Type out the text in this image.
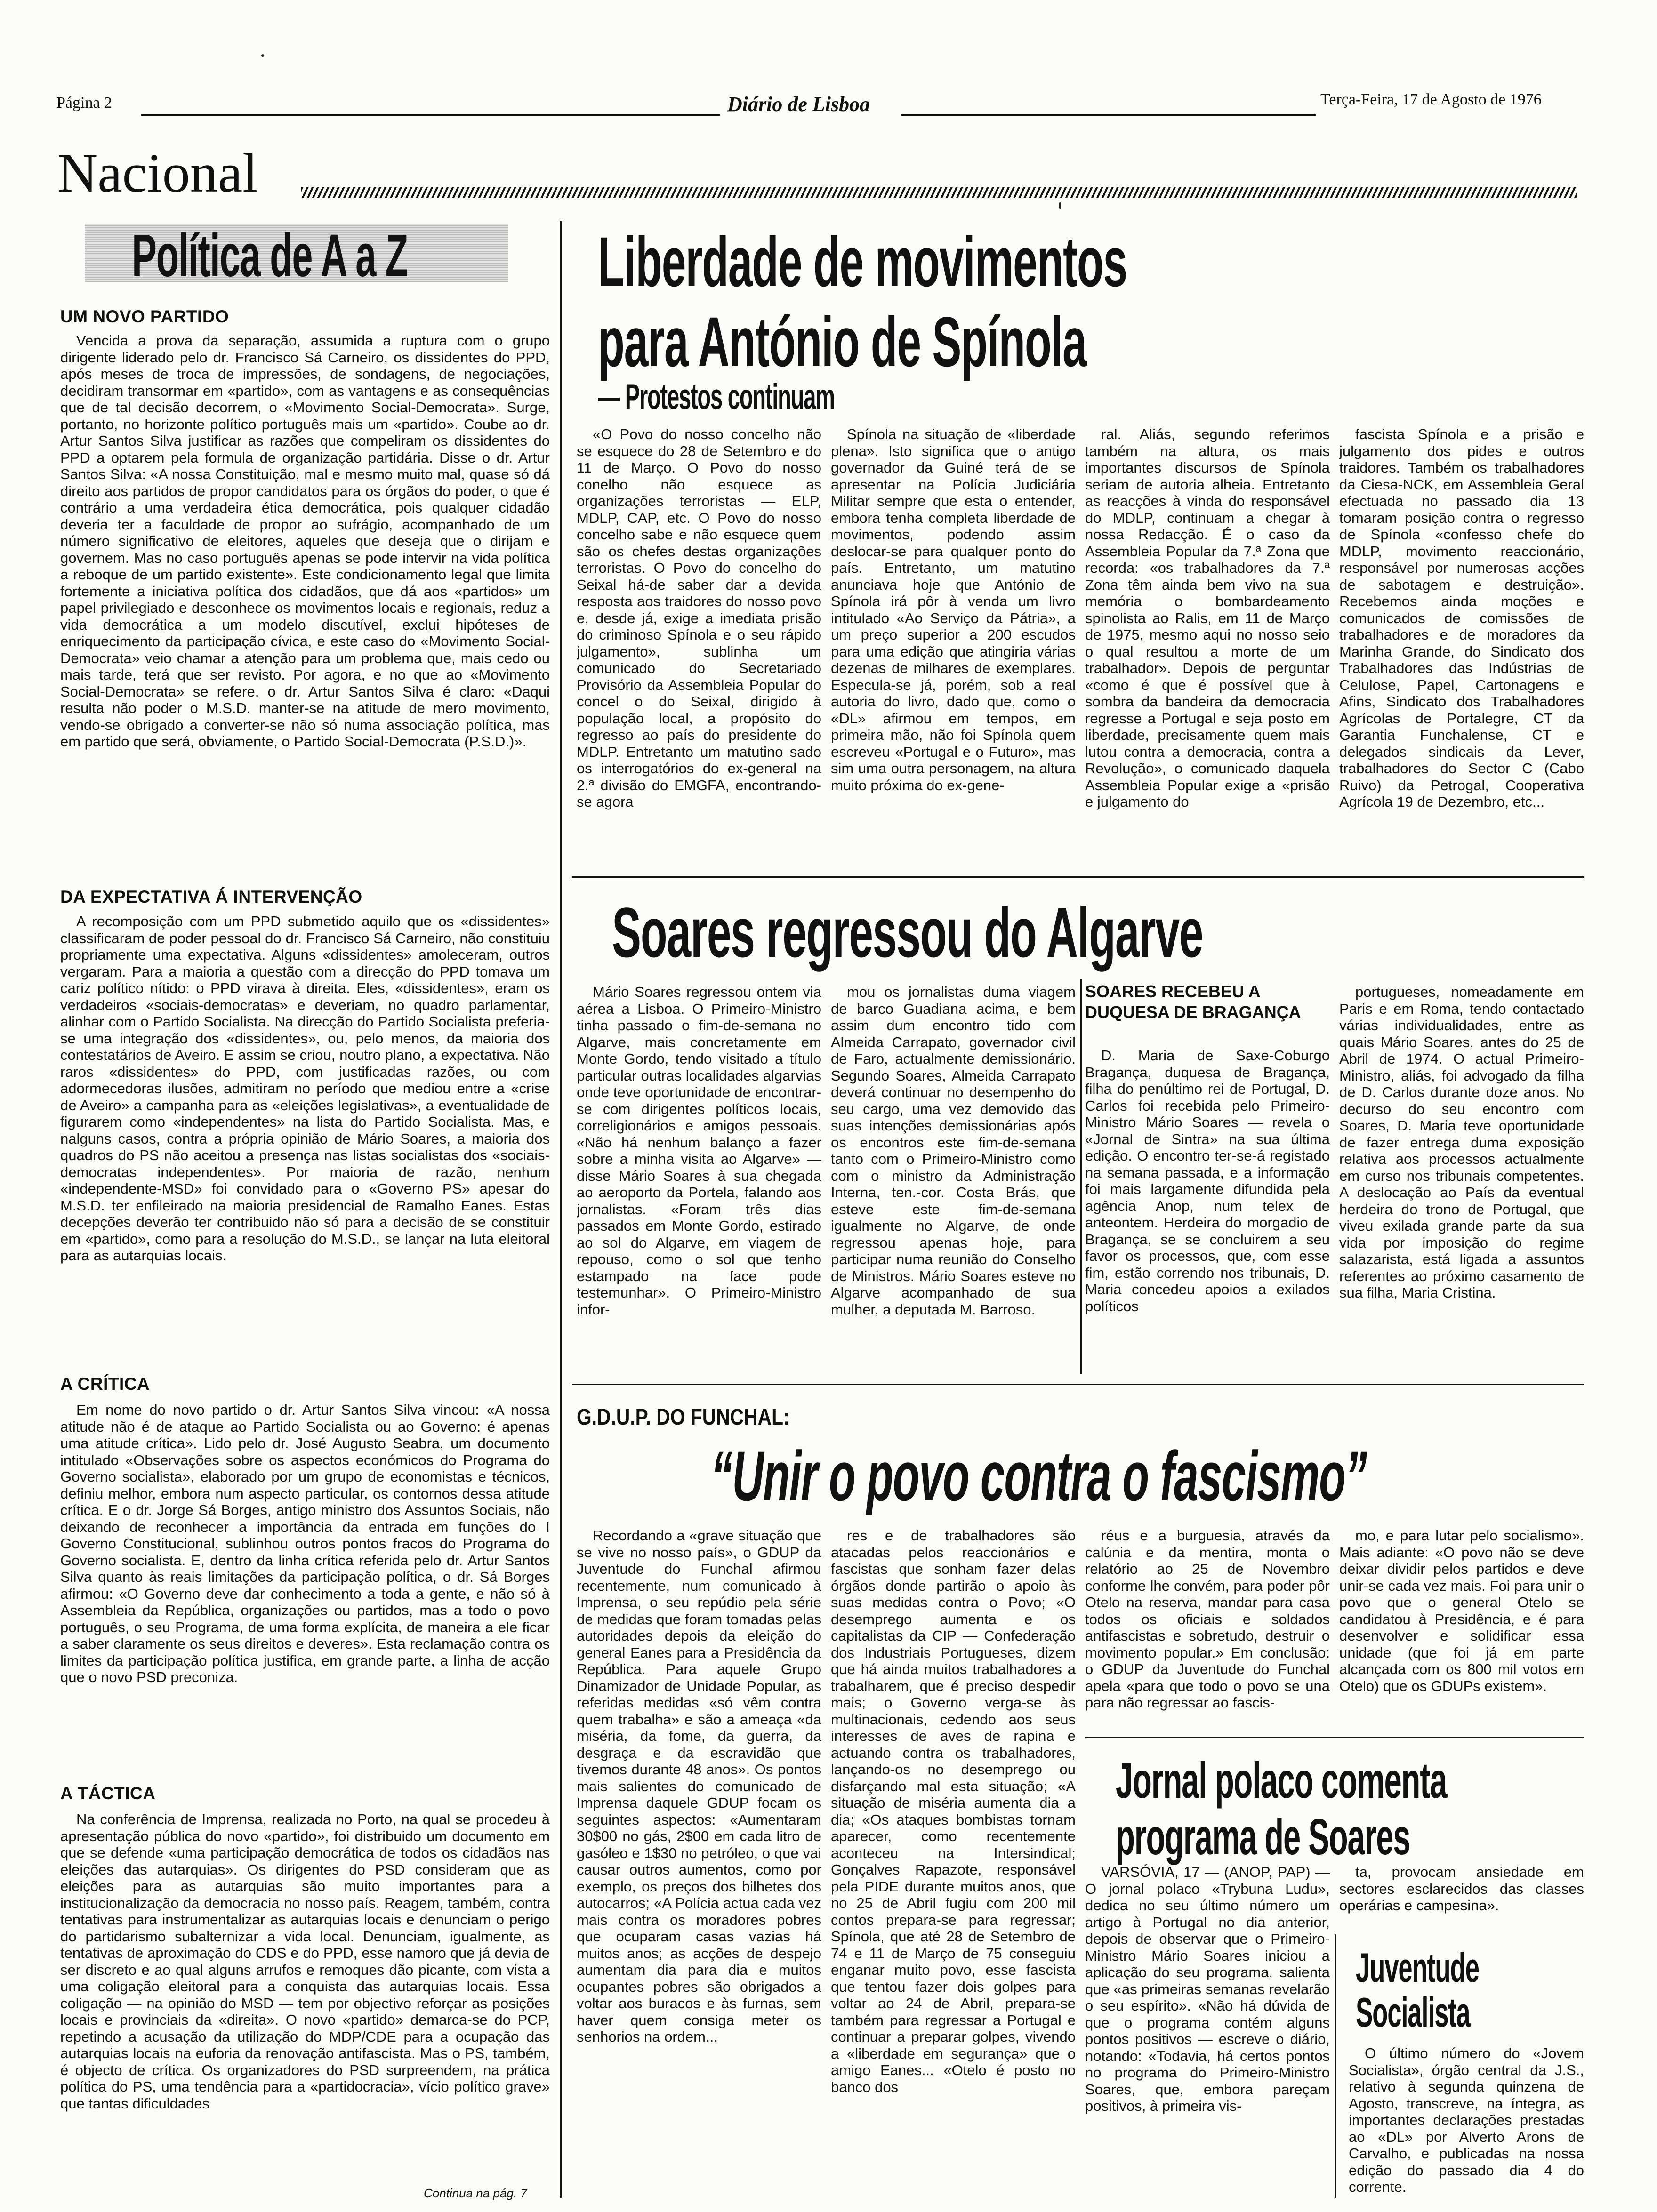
Página 2	Diário de Lisboa	Terça-Feira, 17 de Agosto de 1976
Nacional
Política de A a Z
UM NOVO PARTIDO

Vencida a prova da separação, assumida a ruptura com o grupo dirigente liderado pelo dr. Francisco Sá Carneiro, os dissidentes do PPD, após meses de troca de impressões, de sondagens, de negociações, decidiram transormar em «partido», com as vantagens e as consequências que de tal decisão decorrem, o «Movimento Social-Democrata». Surge, portanto, no horizonte político português mais um «partido». Coube ao dr. Artur Santos Silva justificar as razões que compeliram os dissidentes do PPD a optarem pela formula de organização partidária. Disse o dr. Artur Santos Silva: «A nossa Constituição, mal e mesmo muito mal, quase só dá direito aos partidos de propor candidatos para os órgãos do poder, o que é contrário a uma verdadeira ética democrática, pois qualquer cidadão deveria ter a faculdade de propor ao sufrágio, acompanhado de um número significativo de eleitores, aqueles que deseja que o dirijam e governem. Mas no caso português apenas se pode intervir na vida política a reboque de um partido existente». Este condicionamento legal que limita fortemente a iniciativa política dos cidadãos, que dá aos «partidos» um papel privilegiado e desconhece os movimentos locais e regionais, reduz a vida democrática a um modelo discutível, exclui hipóteses de enriquecimento da participação cívica, e este caso do «Movimento Social-Democrata» veio chamar a atenção para um problema que, mais cedo ou mais tarde, terá que ser revisto. Por agora, e no que ao «Movimento Social-Democrata» se refere, o dr. Artur Santos Silva é claro: «Daqui resulta não poder o M.S.D. manter-se na atitude de mero movimento, vendo-se obrigado a converter-se não só numa associação política, mas em partido que será, obviamente, o Partido Social-Democrata (P.S.D.)».

DA EXPECTATIVA Á INTERVENÇÃO

A recomposição com um PPD submetido aquilo que os «dissidentes» classificaram de poder pessoal do dr. Francisco Sá Carneiro, não constituiu propriamente uma expectativa. Alguns «dissidentes» amoleceram, outros vergaram. Para a maioria a questão com a direcção do PPD tomava um cariz político nítido: o PPD virava à direita. Eles, «dissidentes», eram os verdadeiros «sociais-democratas» e deveriam, no quadro parlamentar, alinhar com o Partido Socialista. Na direcção do Partido Socialista preferia-se uma integração dos «dissidentes», ou, pelo menos, da maioria dos contestatários de Aveiro. E assim se criou, noutro plano, a expectativa. Não raros «dissidentes» do PPD, com justificadas razões, ou com adormecedoras ilusões, admitiram no período que mediou entre a «crise de Aveiro» a campanha para as «eleições legislativas», a eventualidade de figurarem como «independentes» na lista do Partido Socialista. Mas, e nalguns casos, contra a própria opinião de Mário Soares, a maioria dos quadros do PS não aceitou a presença nas listas socialistas dos «sociais-democratas independentes». Por maioria de razão, nenhum «independente-MSD» foi convidado para o «Governo PS» apesar do M.S.D. ter enfileirado na maioria presidencial de Ramalho Eanes. Estas decepções deverão ter contribuido não só para a decisão de se constituir em «partido», como para a resolução do M.S.D., se lançar na luta eleitoral para as autarquias locais.

A CRÍTICA

Em nome do novo partido o dr. Artur Santos Silva vincou: «A nossa atitude não é de ataque ao Partido Socialista ou ao Governo: é apenas uma atitude crítica». Lido pelo dr. José Augusto Seabra, um documento intitulado «Observações sobre os aspectos económicos do Programa do Governo socialista», elaborado por um grupo de economistas e técnicos, definiu melhor, embora num aspecto particular, os contornos dessa atitude crítica. E o dr. Jorge Sá Borges, antigo ministro dos Assuntos Sociais, não deixando de reconhecer a importância da entrada em funções do I Governo Constitucional, sublinhou outros pontos fracos do Programa do Governo socialista. E, dentro da linha crítica referida pelo dr. Artur Santos Silva quanto às reais limitações da participação política, o dr. Sá Borges afirmou: «O Governo deve dar conhecimento a toda a gente, e não só à Assembleia da República, organizações ou partidos, mas a todo o povo português, o seu Programa, de uma forma explícita, de maneira a ele ficar a saber claramente os seus direitos e deveres». Esta reclamação contra os limites da participação política justifica, em grande parte, a linha de acção que o novo PSD preconiza.

A TÁCTICA

Na conferência de Imprensa, realizada no Porto, na qual se procedeu à apresentação pública do novo «partido», foi distribuido um documento em que se defende «uma participação democrática de todos os cidadãos nas eleições das autarquias». Os dirigentes do PSD consideram que as eleições para as autarquias são muito importantes para a institucionalização da democracia no nosso país. Reagem, também, contra tentativas para instrumentalizar as autarquias locais e denunciam o perigo do partidarismo subalternizar a vida local. Denunciam, igualmente, as tentativas de aproximação do CDS e do PPD, esse namoro que já devia de ser discreto e ao qual alguns arrufos e remoques dão picante, com vista a uma coligação eleitoral para a conquista das autarquias locais. Essa coligação — na opinião do MSD — tem por objectivo reforçar as posições locais e provinciais da «direita». O novo «partido» demarca-se do PCP, repetindo a acusação da utilização do MDP/CDE para a ocupação das autarquias locais na euforia da renovação antifascista. Mas o PS, também, é objecto de crítica. Os organizadores do PSD surpreendem, na prática política do PS, uma tendência para a «partidocracia», vício político grave» que tantas dificuldades

Continua na pág. 7
Liberdade de movimentos
para António de Spínola
— Protestos continuam

«O Povo do nosso concelho não se esquece do 28 de Setembro e do 11 de Março. O Povo do nosso conelho não esquece as organizações terroristas — ELP, MDLP, CAP, etc. O Povo do nosso concelho sabe e não esquece quem são os chefes destas organizações terroristas. O Povo do concelho do Seixal há-de saber dar a devida resposta aos traidores do nosso povo e, desde já, exige a imediata prisão do criminoso Spínola e o seu rápido julgamento», sublinha um comunicado do Secretariado Provisório da Assembleia Popular do concel o do Seixal, dirigido à população local, a propósito do regresso ao país do presidente do MDLP. Entretanto um matutino sado os interrogatórios do ex-general na 2.ª divisão do EMGFA, encontrando-se agora

Spínola na situação de «liberdade plena». Isto significa que o antigo governador da Guiné terá de se apresentar na Polícia Judiciária Militar sempre que esta o entender, embora tenha completa liberdade de movimentos, podendo assim deslocar-se para qualquer ponto do país. Entretanto, um matutino anunciava hoje que António de Spínola irá pôr à venda um livro intitulado «Ao Serviço da Pátria», a um preço superior a 200 escudos para uma edição que atingiria várias dezenas de milhares de exemplares. Especula-se já, porém, sob a real autoria do livro, dado que, como o «DL» afirmou em tempos, em primeira mão, não foi Spínola quem escreveu «Portugal e o Futuro», mas sim uma outra personagem, na altura muito próxima do ex-gene-

ral. Aliás, segundo referimos também na altura, os mais importantes discursos de Spínola seriam de autoria alheia. Entretanto as reacções à vinda do responsável do MDLP, continuam a chegar à nossa Redacção. É o caso da Assembleia Popular da 7.ª Zona que recorda: «os trabalhadores da 7.ª Zona têm ainda bem vivo na sua memória o bombardeamento spinolista ao Ralis, em 11 de Março de 1975, mesmo aqui no nosso seio o qual resultou a morte de um trabalhador». Depois de perguntar «como é que é possível que à sombra da bandeira da democracia regresse a Portugal e seja posto em liberdade, precisamente quem mais lutou contra a democracia, contra a Revolução», o comunicado daquela Assembleia Popular exige a «prisão e julgamento do

fascista Spínola e a prisão e julgamento dos pides e outros traidores. Também os trabalhadores da Ciesa-NCK, em Assembleia Geral efectuada no passado dia 13 tomaram posição contra o regresso de Spínola «confesso chefe do MDLP, movimento reaccionário, responsável por numerosas acções de sabotagem e destruição». Recebemos ainda moções e comunicados de comissões de trabalhadores e de moradores da Marinha Grande, do Sindicato dos Trabalhadores das Indústrias de Celulose, Papel, Cartonagens e Afins, Sindicato dos Trabalhadores Agrícolas de Portalegre, CT da Garantia Funchalense, CT e delegados sindicais da Lever, trabalhadores do Sector C (Cabo Ruivo) da Petrogal, Cooperativa Agrícola 19 de Dezembro, etc...

Soares regressou do Algarve

Mário Soares regressou ontem via aérea a Lisboa. O Primeiro-Ministro tinha passado o fim-de-semana no Algarve, mais concretamente em Monte Gordo, tendo visitado a título particular outras localidades algarvias onde teve oportunidade de encontrar-se com dirigentes políticos locais, correligionários e amigos pessoais. «Não há nenhum balanço a fazer sobre a minha visita ao Algarve» — disse Mário Soares à sua chegada ao aeroporto da Portela, falando aos jornalistas. «Foram três dias passados em Monte Gordo, estirado ao sol do Algarve, em viagem de repouso, como o sol que tenho estampado na face pode testemunhar». O Primeiro-Ministro infor-

mou os jornalistas duma viagem de barco Guadiana acima, e bem assim dum encontro tido com Almeida Carrapato, governador civil de Faro, actualmente demissionário. Segundo Soares, Almeida Carrapato deverá continuar no desempenho do seu cargo, uma vez demovido das suas intenções demissionárias após os encontros este fim-de-semana tanto com o Primeiro-Ministro como com o ministro da Administração Interna, ten.-cor. Costa Brás, que esteve este fim-de-semana igualmente no Algarve, de onde regressou apenas hoje, para participar numa reunião do Conselho de Ministros. Mário Soares esteve no Algarve acompanhado de sua mulher, a deputada M. Barroso.

SOARES RECEBEU A DUQUESA DE BRAGANÇA

D. Maria de Saxe-Coburgo Bragança, duquesa de Bragança, filha do penúltimo rei de Portugal, D. Carlos foi recebida pelo Primeiro-Ministro Mário Soares — revela o «Jornal de Sintra» na sua última edição. O encontro ter-se-á registado na semana passada, e a informação foi mais largamente difundida pela agência Anop, num telex de anteontem. Herdeira do morgadio de Bragança, se se concluirem a seu favor os processos, que, com esse fim, estão correndo nos tribunais, D. Maria concedeu apoios a exilados políticos

portugueses, nomeadamente em Paris e em Roma, tendo contactado várias individualidades, entre as quais Mário Soares, antes do 25 de Abril de 1974. O actual Primeiro-Ministro, aliás, foi advogado da filha de D. Carlos durante doze anos. No decurso do seu encontro com Soares, D. Maria teve oportunidade de fazer entrega duma exposição relativa aos processos actualmente em curso nos tribunais competentes. A deslocação ao País da eventual herdeira do trono de Portugal, que viveu exilada grande parte da sua vida por imposição do regime salazarista, está ligada a assuntos referentes ao próximo casamento de sua filha, Maria Cristina.

G.D.U.P. DO FUNCHAL:
“Unir o povo contra o fascismo”

Recordando a «grave situação que se vive no nosso país», o GDUP da Juventude do Funchal afirmou recentemente, num comunicado à Imprensa, o seu repúdio pela série de medidas que foram tomadas pelas autoridades depois da eleição do general Eanes para a Presidência da República. Para aquele Grupo Dinamizador de Unidade Popular, as referidas medidas «só vêm contra quem trabalha» e são a ameaça «da miséria, da fome, da guerra, da desgraça e da escravidão que tivemos durante 48 anos». Os pontos mais salientes do comunicado de Imprensa daquele GDUP focam os seguintes aspectos: «Aumentaram 30$00 no gás, 2$00 em cada litro de gasóleo e 1$30 no petróleo, o que vai causar outros aumentos, como por exemplo, os preços dos bilhetes dos autocarros; «A Polícia actua cada vez mais contra os moradores pobres que ocuparam casas vazias há muitos anos; as acções de despejo aumentam dia para dia e muitos ocupantes pobres são obrigados a voltar aos buracos e às furnas, sem haver quem consiga meter os senhorios na ordem...

res e de trabalhadores são atacadas pelos reaccionários e fascistas que sonham fazer delas órgãos donde partirão o apoio às suas medidas contra o Povo; «O desemprego aumenta e os capitalistas da CIP — Confederação dos Industriais Portugueses, dizem que há ainda muitos trabalhadores a trabalharem, que é preciso despedir mais; o Governo verga-se às multinacionais, cedendo aos seus interesses de aves de rapina e actuando contra os trabalhadores, lançando-os no desemprego ou disfarçando mal esta situação; «A situação de miséria aumenta dia a dia; «Os ataques bombistas tornam aparecer, como recentemente aconteceu na Intersindical; Gonçalves Rapazote, responsável pela PIDE durante muitos anos, que no 25 de Abril fugiu com 200 mil contos prepara-se para regressar; Spínola, que até 28 de Setembro de 74 e 11 de Março de 75 conseguiu enganar muito povo, esse fascista que tentou fazer dois golpes para voltar ao 24 de Abril, prepara-se também para regressar a Portugal e continuar a preparar golpes, vivendo a «liberdade em segurança» que o amigo Eanes... «Otelo é posto no banco dos

réus e a burguesia, através da calúnia e da mentira, monta o relatório ao 25 de Novembro conforme lhe convém, para poder pôr Otelo na reserva, mandar para casa todos os oficiais e soldados antifascistas e sobretudo, destruir o movimento popular.» Em conclusão: o GDUP da Juventude do Funchal apela «para que todo o povo se una para não regressar ao fascis-

mo, e para lutar pelo socialismo». Mais adiante: «O povo não se deve deixar dividir pelos partidos e deve unir-se cada vez mais. Foi para unir o povo que o general Otelo se candidatou à Presidência, e é para desenvolver e solidificar essa unidade (que foi já em parte alcançada com os 800 mil votos em Otelo) que os GDUPs existem».

Jornal polaco comenta
programa de Soares

VARSÓVIA, 17 — (ANOP, PAP) — O jornal polaco «Trybuna Ludu», dedica no seu último número um artigo à Portugal no dia anterior, depois de observar que o Primeiro-Ministro Mário Soares iniciou a aplicação do seu programa, salienta que «as primeiras semanas revelarão o seu espírito». «Não há dúvida de que o programa contém alguns pontos positivos — escreve o diário, notando: «Todavia, há certos pontos no programa do Primeiro-Ministro Soares, que, embora pareçam positivos, à primeira vis-

ta, provocam ansiedade em sectores esclarecidos das classes operárias e campesina».

Juventude
Socialista

O último número do «Jovem Socialista», órgão central da J.S., relativo à segunda quinzena de Agosto, transcreve, na íntegra, as importantes declarações prestadas ao «DL» por Alverto Arons de Carvalho, e publicadas na nossa edição do passado dia 4 do corrente.
